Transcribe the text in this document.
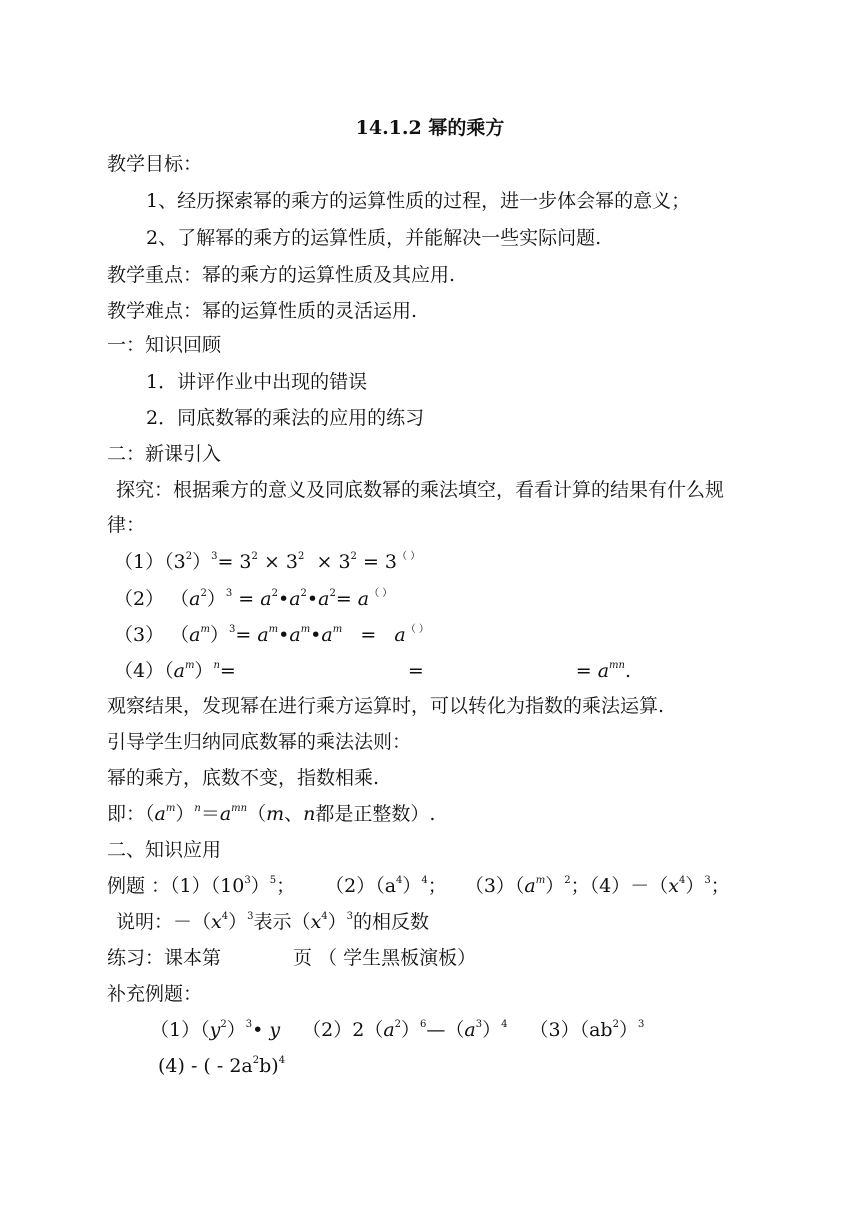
14.1.2 幂的乘方
教学目标：
1、经历探索幂的乘方的运算性质的过程，进一步体会幂的意义；
2、了解幂的乘方的运算性质，并能解决一些实际问题.
教学重点：幂的乘方的运算性质及其应用.
教学难点：幂的运算性质的灵活运用.
一：知识回顾
1．讲评作业中出现的错误
2．同底数幂的乘法的应用的练习
二：新课引入
探究：根据乘方的意义及同底数幂的乘法填空，看看计算的结果有什么规
律：
$(1)(3^2)^3= 3^2 \times 3^2 \times 3^2 = 3^{( )}$
（2） $(a^2)^3$ = $a^2•a^2•a^2= a^{( )}$
（3） $(a^m)^3=$ $a^m•a^m•a^m = a^{( )}$
$(4)(a^m)^n=$	=	= $a^{mn}$.
观察结果，发现幂在进行乘方运算时，可以转化为指数的乘法运算.
引导学生归纳同底数幂的乘法法则：
幂的乘方，底数不变，指数相乘.
即：$(a^m)^n=a^{mn}(m$、n都是正整数）.
二、知识应用
例题 ：$(1)(10^3)^5$； $(2)(a^4)^4$； $(3)(a^m)^2$；$(4)-(x^4)^3$；
说明：$-(x^4)^3$表示$(x^4)^3$的相反数
练习：课本第	页 （ 学生黑板演板）
补充例题：
$(1)(y^2)^3•$ y $(2)2(a^2)^6—(a^3)^4$ $(3)(ab^2)^3$
(4) - ( - $2a^2b)^4$
